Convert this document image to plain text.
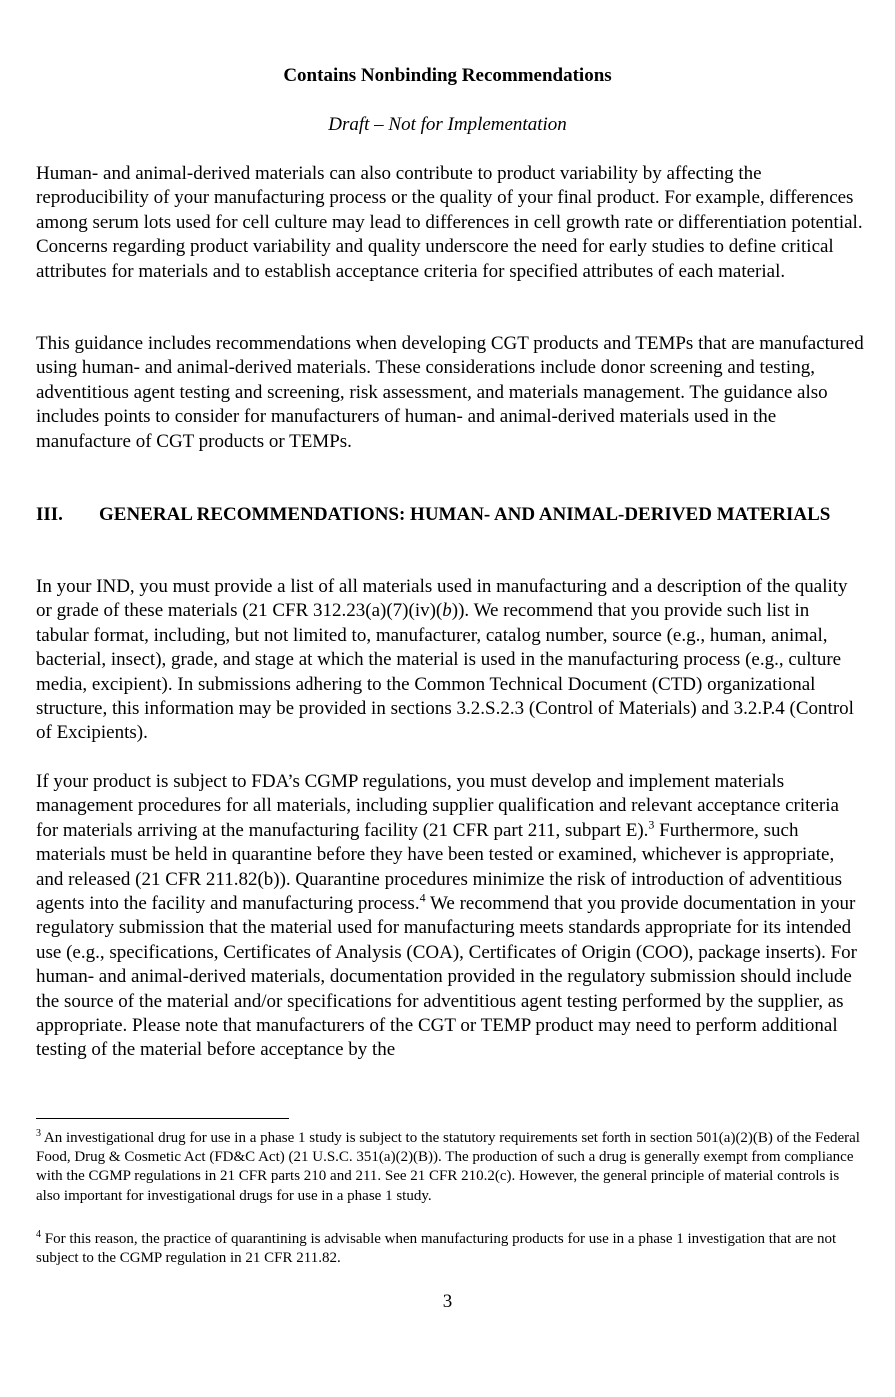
Contains Nonbinding Recommendations
Draft – Not for Implementation

Human- and animal-derived materials can also contribute to product variability by affecting the reproducibility of your manufacturing process or the quality of your final product. For example, differences among serum lots used for cell culture may lead to differences in cell growth rate or differentiation potential. Concerns regarding product variability and quality underscore the need for early studies to define critical attributes for materials and to establish acceptance criteria for specified attributes of each material.

This guidance includes recommendations when developing CGT products and TEMPs that are manufactured using human- and animal-derived materials. These considerations include donor screening and testing, adventitious agent testing and screening, risk assessment, and materials management. The guidance also includes points to consider for manufacturers of human- and animal-derived materials used in the manufacture of CGT products or TEMPs.

III. GENERAL RECOMMENDATIONS: HUMAN- AND ANIMAL-DERIVED MATERIALS

In your IND, you must provide a list of all materials used in manufacturing and a description of the quality or grade of these materials (21 CFR 312.23(a)(7)(iv)(b)). We recommend that you provide such list in tabular format, including, but not limited to, manufacturer, catalog number, source (e.g., human, animal, bacterial, insect), grade, and stage at which the material is used in the manufacturing process (e.g., culture media, excipient). In submissions adhering to the Common Technical Document (CTD) organizational structure, this information may be provided in sections 3.2.S.2.3 (Control of Materials) and 3.2.P.4 (Control of Excipients).

If your product is subject to FDA’s CGMP regulations, you must develop and implement materials management procedures for all materials, including supplier qualification and relevant acceptance criteria for materials arriving at the manufacturing facility (21 CFR part 211, subpart E).$^3$ Furthermore, such materials must be held in quarantine before they have been tested or examined, whichever is appropriate, and released (21 CFR 211.82(b)). Quarantine procedures minimize the risk of introduction of adventitious agents into the facility and manufacturing process.$^4$ We recommend that you provide documentation in your regulatory submission that the material used for manufacturing meets standards appropriate for its intended use (e.g., specifications, Certificates of Analysis (COA), Certificates of Origin (COO), package inserts). For human- and animal-derived materials, documentation provided in the regulatory submission should include the source of the material and/or specifications for adventitious agent testing performed by the supplier, as appropriate. Please note that manufacturers of the CGT or TEMP product may need to perform additional testing of the material before acceptance by the

$^3$ An investigational drug for use in a phase 1 study is subject to the statutory requirements set forth in section 501(a)(2)(B) of the Federal Food, Drug & Cosmetic Act (FD&C Act) (21 U.S.C. 351(a)(2)(B)). The production of such a drug is generally exempt from compliance with the CGMP regulations in 21 CFR parts 210 and 211. See 21 CFR 210.2(c). However, the general principle of material controls is also important for investigational drugs for use in a phase 1 study.

$^4$ For this reason, the practice of quarantining is advisable when manufacturing products for use in a phase 1 investigation that are not subject to the CGMP regulation in 21 CFR 211.82.

3
